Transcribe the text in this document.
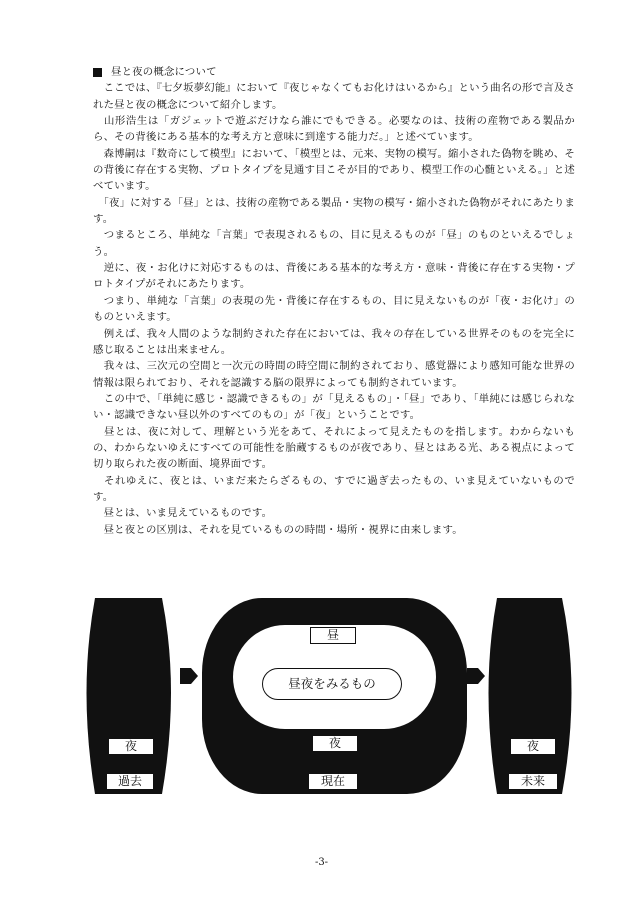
昼と夜の概念について

　ここでは、『七夕坂夢幻能』において『夜じゃなくてもお化けはいるから』という曲名の形で言及された昼と夜の概念について紹介します。

　山形浩生は「ガジェットで遊ぶだけなら誰にでもできる。必要なのは、技術の産物である製品から、その背後にある基本的な考え方と意味に到達する能力だ。」と述べています。

　森博嗣は『数奇にして模型』において、「模型とは、元来、実物の模写。縮小された偽物を眺め、その背後に存在する実物、プロトタイプを見通す目こそが目的であり、模型工作の心髄といえる。」と述べています。

　「夜」に対する「昼」とは、技術の産物である製品・実物の模写・縮小された偽物がそれにあたります。

　つまるところ、単純な「言葉」で表現されるもの、目に見えるものが「昼」のものといえるでしょう。

　逆に、夜・お化けに対応するものは、背後にある基本的な考え方・意味・背後に存在する実物・プロトタイプがそれにあたります。

　つまり、単純な「言葉」の表現の先・背後に存在するもの、目に見えないものが「夜・お化け」のものといえます。

　例えば、我々人間のような制約された存在においては、我々の存在している世界そのものを完全に感じ取ることは出来ません。

　我々は、三次元の空間と一次元の時間の時空間に制約されており、感覚器により感知可能な世界の情報は限られており、それを認識する脳の限界によっても制約されています。

　この中で、「単純に感じ・認識できるもの」が「見えるもの」・「昼」であり、「単純には感じられない・認識できない昼以外のすべてのもの」が「夜」ということです。

　昼とは、夜に対して、理解という光をあて、それによって見えたものを指します。わからないもの、わからないゆえにすべての可能性を胎蔵するものが夜であり、昼とはある光、ある視点によって切り取られた夜の断面、境界面です。

　それゆえに、夜とは、いまだ来たらざるもの、すでに過ぎ去ったもの、いま見えていないものです。

　昼とは、いま見えているものです。

　昼と夜との区別は、それを見ているものの時間・場所・視界に由来します。

夜
過去
昼
昼夜をみるもの
夜
現在
夜
未来
-3-
